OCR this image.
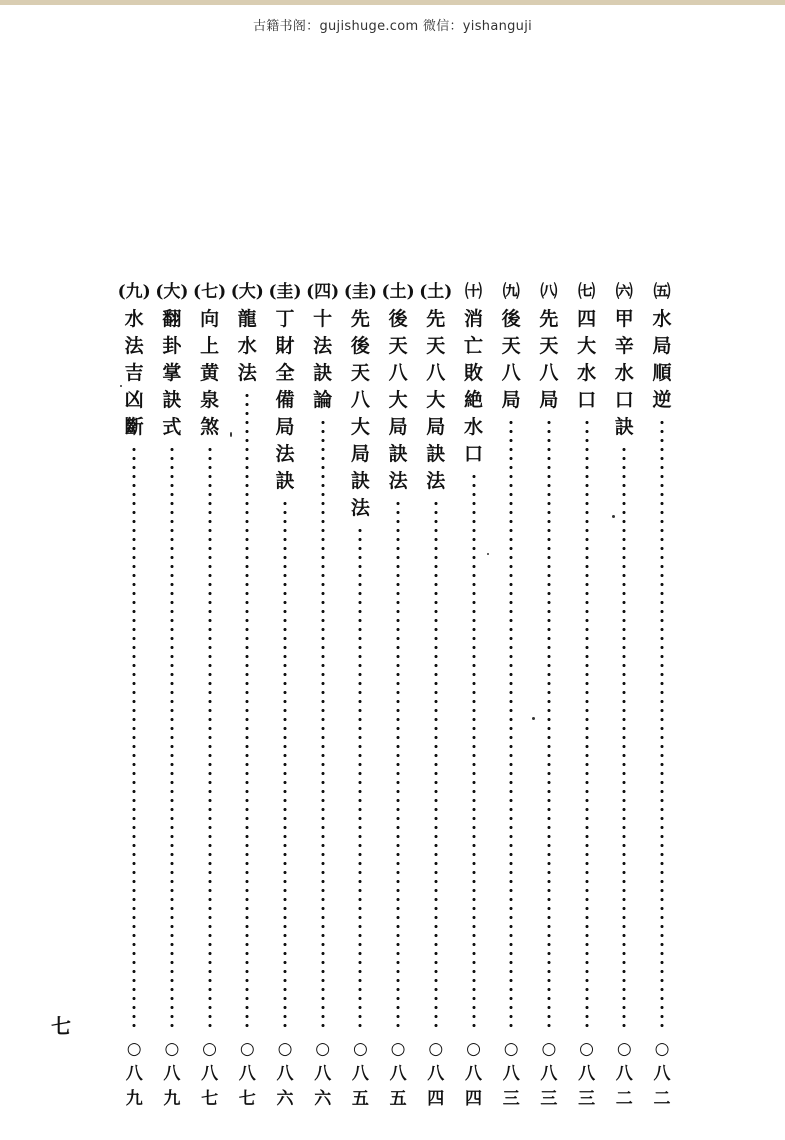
古籍书阁：gujishuge.com 微信：yishanguji
㈤
水
局
順
逆
○
八
二
㈥
甲
辛
水
口
訣
○
八
二
㈦
四
大
水
口
○
八
三
㈧
先
天
八
局
○
八
三
㈨
後
天
八
局
○
八
三
㈩
消
亡
敗
絶
水
口
○
八
四
(土)
先
天
八
大
局
訣
法
○
八
四
(土)
後
天
八
大
局
訣
法
○
八
五
(圭)
先
後
天
八
大
局
訣
法
○
八
五
(四)
十
法
訣
論
○
八
六
(圭)
丁
財
全
備
局
法
訣
○
八
六
(大)
龍
水
法
○
八
七
(七)
向
上
黄
泉
煞
○
八
七
(大)
翻
卦
掌
訣
式
○
八
九
(九)
水
法
吉
凶
斷
○
八
九
七
